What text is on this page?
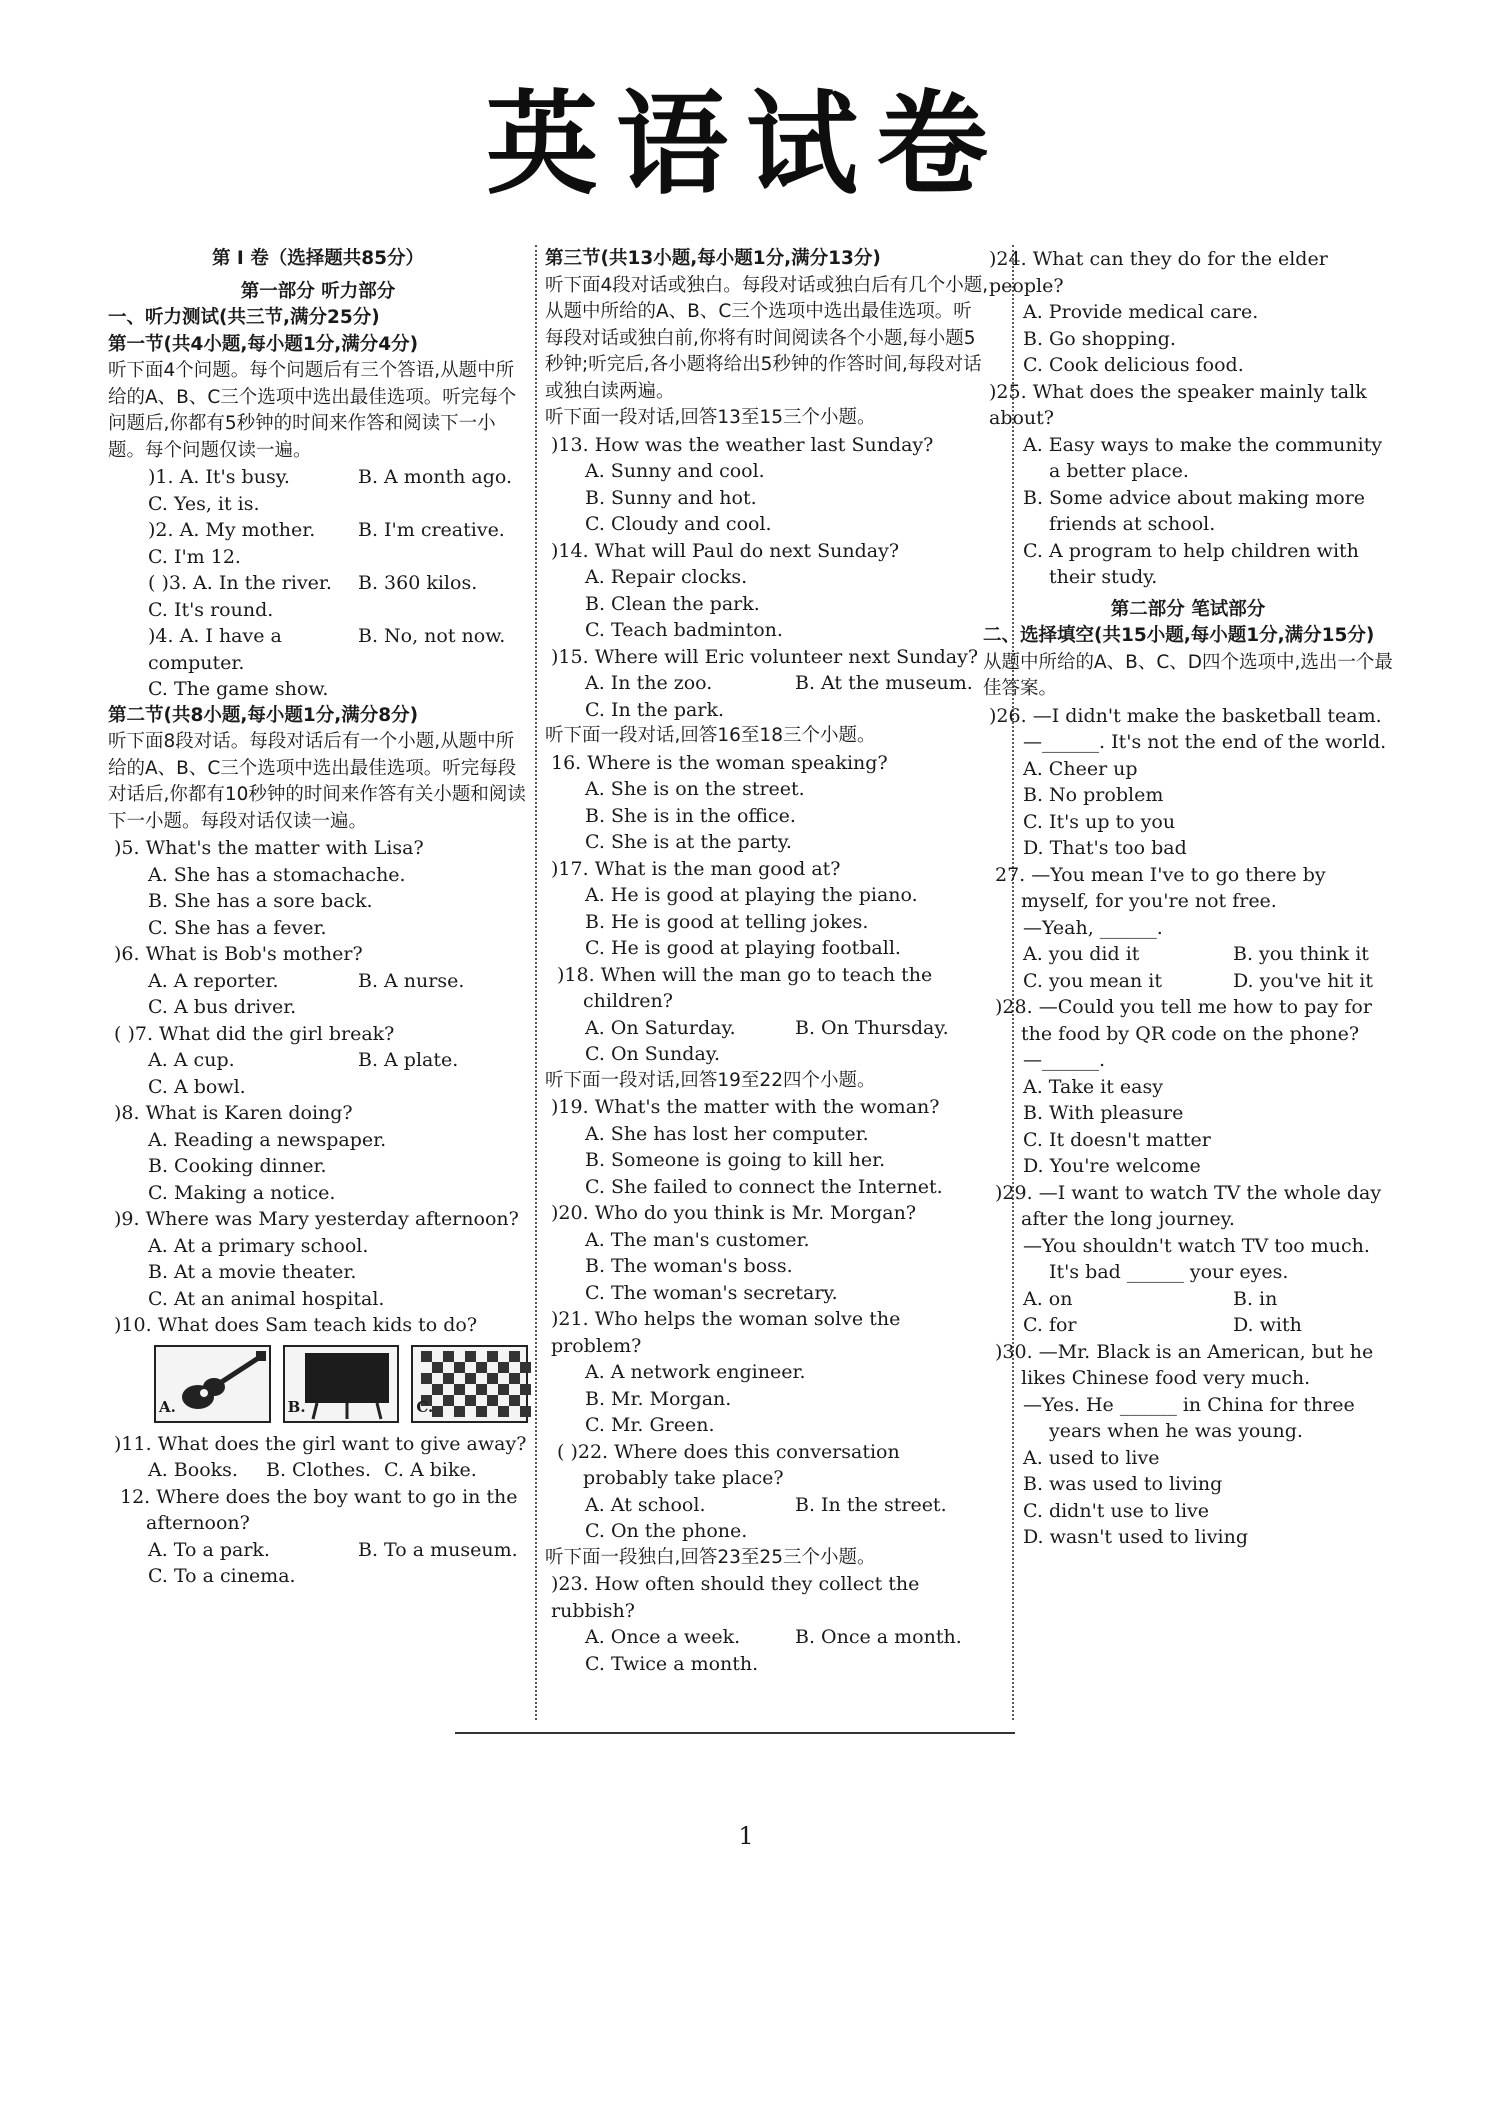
英语试卷
第 I 卷（选择题共85分）
第一部分 听力部分
一、听力测试(共三节,满分25分)
第一节(共4小题,每小题1分,满分4分)
听下面4个问题。每个问题后有三个答语,从题中所给的A、B、C三个选项中选出最佳选项。听完每个问题后,你都有5秒钟的时间来作答和阅读下一小题。每个问题仅读一遍。
)1. A. It's busy.	B. A month ago.
C. Yes, it is.
)2. A. My mother.	B. I'm creative.
C. I'm 12.
( )3. A. In the river.	B. 360 kilos.
C. It's round.
)4. A. I have a computer.
B. No, not now.
C. The game show.
第二节(共8小题,每小题1分,满分8分)
听下面8段对话。每段对话后有一个小题,从题中所给的A、B、C三个选项中选出最佳选项。听完每段对话后,你都有10秒钟的时间来作答有关小题和阅读下一小题。每段对话仅读一遍。
)5. What's the matter with Lisa?
A. She has a stomachache.
B. She has a sore back.
C. She has a fever.
)6. What is Bob's mother?
A. A reporter.	B. A nurse.
C. A bus driver.
( )7. What did the girl break?
A. A cup.	B. A plate.
C. A bowl.
)8. What is Karen doing?
A. Reading a newspaper.
B. Cooking dinner.
C. Making a notice.
)9. Where was Mary yesterday afternoon?
A. At a primary school.
B. At a movie theater.
C. At an animal hospital.
)10. What does Sam teach kids to do?
A.	B.	C.
)11. What does the girl want to give away?
A. Books.	B. Clothes. C. A bike.
12. Where does the boy want to go in the afternoon?
A. To a park.	B. To a museum.
C. To a cinema.
第三节(共13小题,每小题1分,满分13分)
听下面4段对话或独白。每段对话或独白后有几个小题,从题中所给的A、B、C三个选项中选出最佳选项。听每段对话或独白前,你将有时间阅读各个小题,每小题5秒钟;听完后,各小题将给出5秒钟的作答时间,每段对话或独白读两遍。
听下面一段对话,回答13至15三个小题。
)13. How was the weather last Sunday?
A. Sunny and cool.
B. Sunny and hot.
C. Cloudy and cool.
)14. What will Paul do next Sunday?
A. Repair clocks.
B. Clean the park.
C. Teach badminton.
)15. Where will Eric volunteer next Sunday?
A. In the zoo.	B. At the museum.
C. In the park.
听下面一段对话,回答16至18三个小题。
16. Where is the woman speaking?
A. She is on the street.
B. She is in the office.
C. She is at the party.
)17. What is the man good at?
A. He is good at playing the piano.
B. He is good at telling jokes.
C. He is good at playing football.
)18. When will the man go to teach the children?
A. On Saturday.	B. On Thursday.
C. On Sunday.
听下面一段对话,回答19至22四个小题。
)19. What's the matter with the woman?
A. She has lost her computer.
B. Someone is going to kill her.
C. She failed to connect the Internet.
)20. Who do you think is Mr. Morgan?
A. The man's customer.
B. The woman's boss.
C. The woman's secretary.
)21. Who helps the woman solve the problem?
A. A network engineer.
B. Mr. Morgan.
C. Mr. Green.
( )22. Where does this conversation probably take place?
A. At school.	B. In the street.
C. On the phone.
听下面一段独白,回答23至25三个小题。
)23. How often should they collect the rubbish?
A. Once a week.	B. Once a month.
C. Twice a month.
)24. What can they do for the elder people?
A. Provide medical care.
B. Go shopping.
C. Cook delicious food.
)25. What does the speaker mainly talk about?
A. Easy ways to make the community a better place.
B. Some advice about making more friends at school.
C. A program to help children with their study.
第二部分 笔试部分
二、选择填空(共15小题,每小题1分,满分15分)
从题中所给的A、B、C、D四个选项中,选出一个最佳答案。
)26. —I didn't make the basketball team.
—______. It's not the end of the world.
A. Cheer up
B. No problem
C. It's up to you
D. That's too bad
27. —You mean I've to go there by myself, for you're not free.
—Yeah, ______.
A. you did it	B. you think it
C. you mean it	D. you've hit it
)28. —Could you tell me how to pay for the food by QR code on the phone?
—______.
A. Take it easy
B. With pleasure
C. It doesn't matter
D. You're welcome
)29. —I want to watch TV the whole day after the long journey.
—You shouldn't watch TV too much. It's bad ______ your eyes.
A. on	B. in
C. for	D. with
)30. —Mr. Black is an American, but he likes Chinese food very much.
—Yes. He ______ in China for three years when he was young.
A. used to live
B. was used to living
C. didn't use to live
D. wasn't used to living
1
